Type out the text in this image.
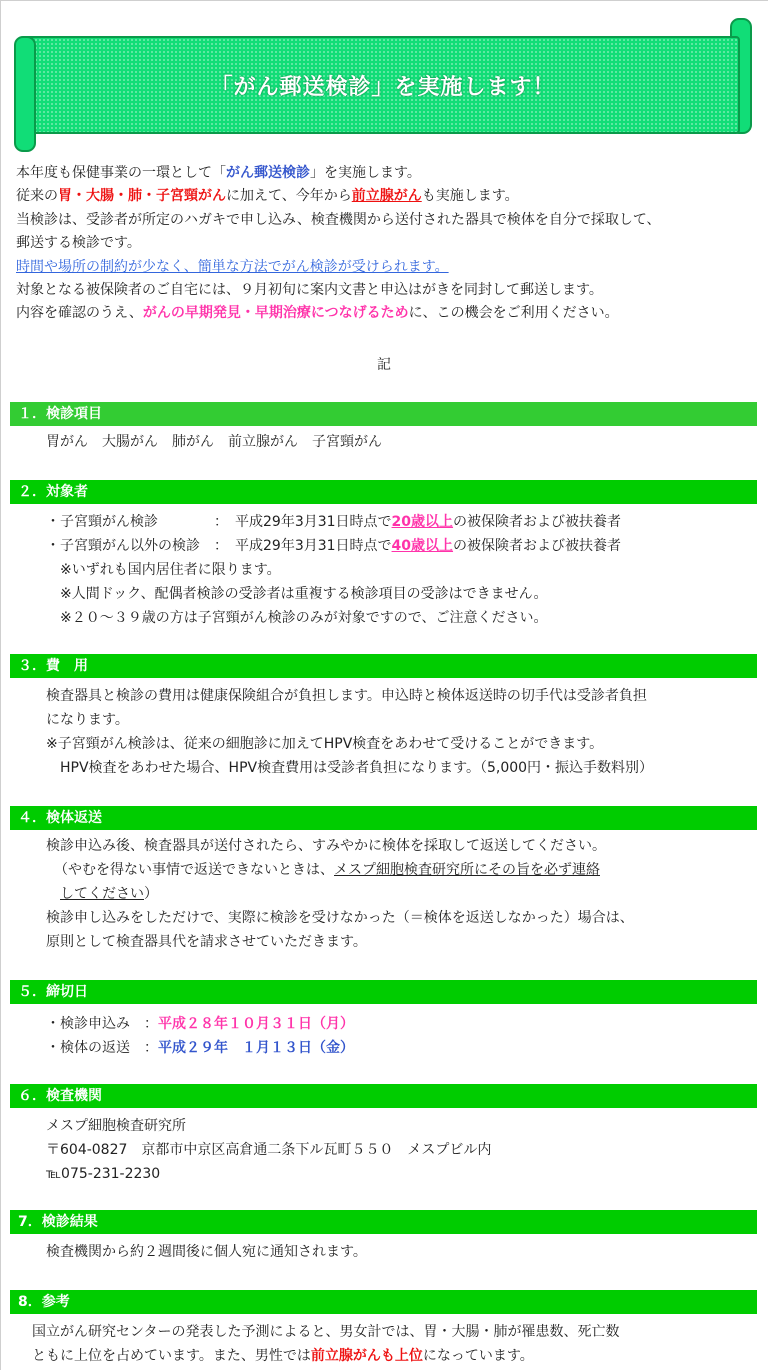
「がん郵送検診」を実施します！

本年度も保健事業の一環として「がん郵送検診」を実施します。

従来の胃・大腸・肺・子宮頸がんに加えて、今年から前立腺がんも実施します。

当検診は、受診者が所定のハガキで申し込み、検査機関から送付された器具で検体を自分で採取して、

郵送する検診です。

時間や場所の制約が少なく、簡単な方法でがん検診が受けられます。

対象となる被保険者のご自宅には、９月初旬に案内文書と申込はがきを同封して郵送します。

内容を確認のうえ、がんの早期発見・早期治療につなげるために、この機会をご利用ください。

記
１．検診項目

胃がん　大腸がん　肺がん　前立腺がん　子宮頸がん

２．対象者

・子宮頸がん検診　　　　：　平成29年3月31日時点で20歳以上の被保険者および被扶養者

・子宮頸がん以外の検診　：　平成29年3月31日時点で40歳以上の被保険者および被扶養者

※いずれも国内居住者に限ります。

※人間ドック、配偶者検診の受診者は重複する検診項目の受診はできません。

※２０～３９歳の方は子宮頸がん検診のみが対象ですので、ご注意ください。

３．費　用

検査器具と検診の費用は健康保険組合が負担します。申込時と検体返送時の切手代は受診者負担

になります。

※子宮頸がん検診は、従来の細胞診に加えてHPV検査をあわせて受けることができます。

　HPV検査をあわせた場合、HPV検査費用は受診者負担になります。（5,000円・振込手数料別）

４．検体返送

検診申込み後、検査器具が送付されたら、すみやかに検体を採取して返送してください。

（やむを得ない事情で返送できないときは、メスプ細胞検査研究所にその旨を必ず連絡

してください）

検診申し込みをしただけで、実際に検診を受けなかった（＝検体を返送しなかった）場合は、

原則として検査器具代を請求させていただきます。

５．締切日

・検診申込み　：平成２８年１０月３１日（月）

・検体の返送　：平成２９年　１月１３日（金）

６．検査機関

メスプ細胞検査研究所

〒604-0827　京都市中京区高倉通二条下ル瓦町５５０　メスプビル内

℡075-231-2230

7．検診結果

検査機関から約２週間後に個人宛に通知されます。

8．参考

国立がん研究センターの発表した予測によると、男女計では、胃・大腸・肺が罹患数、死亡数

ともに上位を占めています。また、男性では前立腺がんも上位になっています。
